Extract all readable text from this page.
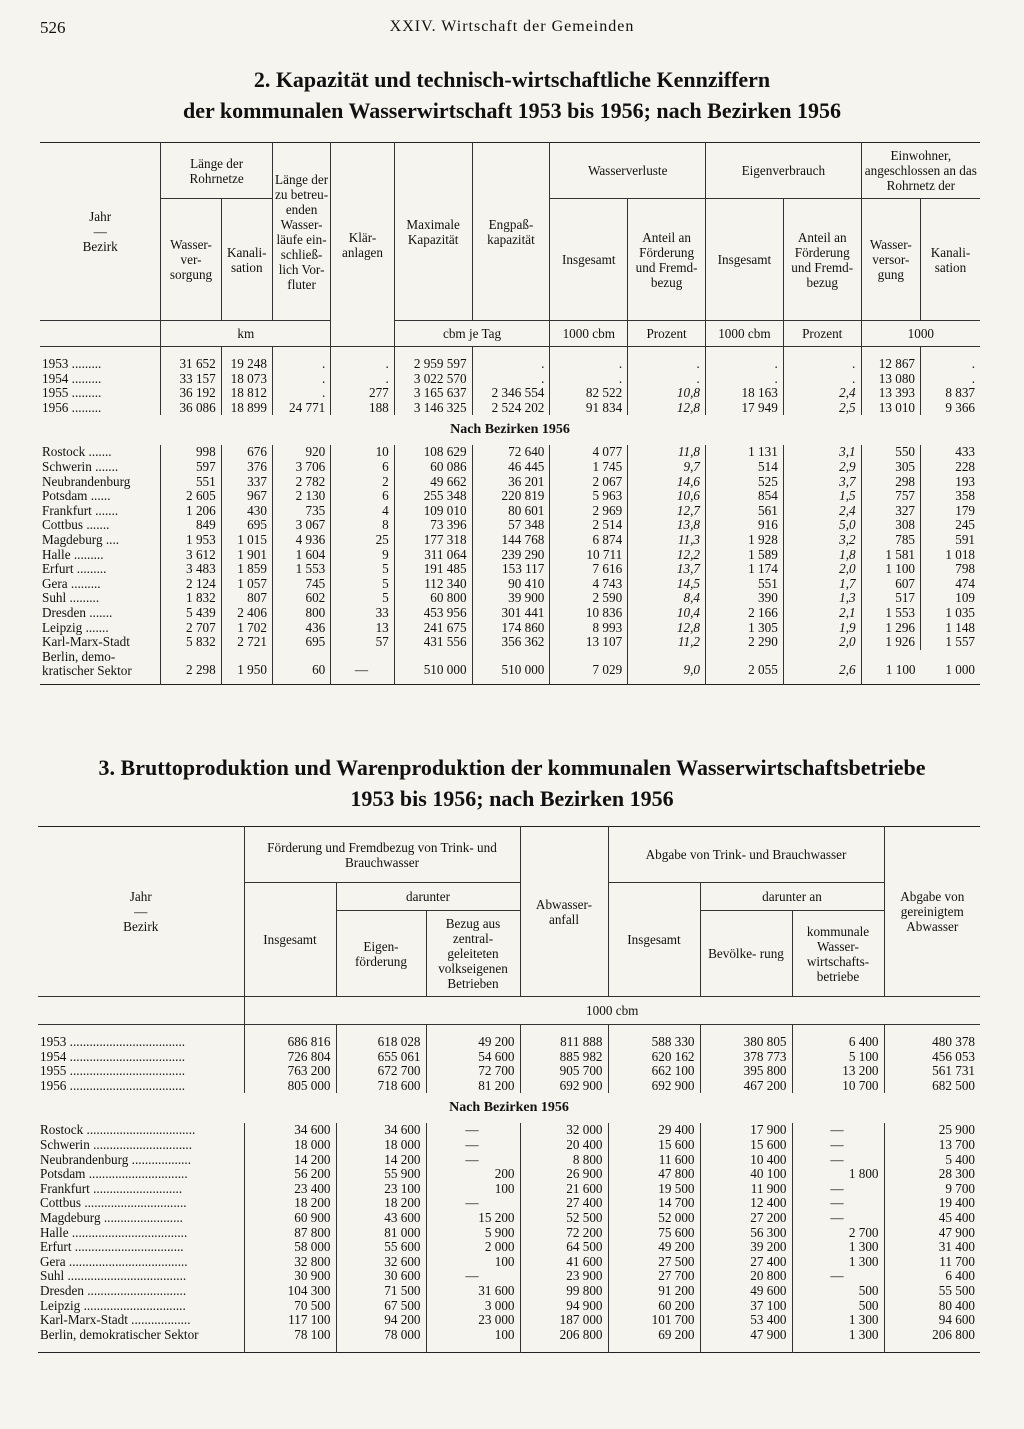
526	XXIV. Wirtschaft der Gemeinden
2. Kapazität und technisch-wirtschaftliche Kennziffern
der kommunalen Wasserwirtschaft 1953 bis 1956; nach Bezirken 1956
Jahr
—
Bezirk	Länge der Rohrnetze		Länge der zu betreu- enden Wasser- läufe ein- schließ- lich Vor- fluter	Klär- anlagen	Maximale Kapazität	Engpaß- kapazität	Wasserverluste		Eigenverbrauch		Einwohner, angeschlossen an das Rohrnetz der	
	Wasser- ver- sorgung	Kanali- sation					Insgesamt	Anteil an Förderung und Fremd- bezug	Insgesamt	Anteil an Förderung und Fremd- bezug	Wasser- versor- gung	Kanali- sation
	km				cbm je Tag		1000 cbm	Prozent	1000 cbm	Prozent	1000	

1953 .........	31 652	19 248	.	.	2 959 597	.	.	.	.	.	12 867	.
1954 .........	33 157	18 073	.	.	3 022 570	.	.	.	.	.	13 080	.
1955 .........	36 192	18 812	.	277	3 165 637	2 346 554	82 522	10,8	18 163	2,4	13 393	8 837
1956 .........	36 086	18 899	24 771	188	3 146 325	2 524 202	91 834	12,8	17 949	2,5	13 010	9 366
Nach Bezirken 1956												
Rostock .......	998	676	920	10	108 629	72 640	4 077	11,8	1 131	3,1	550	433
Schwerin .......	597	376	3 706	6	60 086	46 445	1 745	9,7	514	2,9	305	228
Neubrandenburg	551	337	2 782	2	49 662	36 201	2 067	14,6	525	3,7	298	193
Potsdam ......	2 605	967	2 130	6	255 348	220 819	5 963	10,6	854	1,5	757	358
Frankfurt .......	1 206	430	735	4	109 010	80 601	2 969	12,7	561	2,4	327	179
Cottbus .......	849	695	3 067	8	73 396	57 348	2 514	13,8	916	5,0	308	245
Magdeburg ....	1 953	1 015	4 936	25	177 318	144 768	6 874	11,3	1 928	3,2	785	591
Halle .........	3 612	1 901	1 604	9	311 064	239 290	10 711	12,2	1 589	1,8	1 581	1 018
Erfurt .........	3 483	1 859	1 553	5	191 485	153 117	7 616	13,7	1 174	2,0	1 100	798
Gera .........	2 124	1 057	745	5	112 340	90 410	4 743	14,5	551	1,7	607	474
Suhl .........	1 832	807	602	5	60 800	39 900	2 590	8,4	390	1,3	517	109
Dresden .......	5 439	2 406	800	33	453 956	301 441	10 836	10,4	2 166	2,1	1 553	1 035
Leipzig .......	2 707	1 702	436	13	241 675	174 860	8 993	12,8	1 305	1,9	1 296	1 148
Karl-Marx-Stadt	5 832	2 721	695	57	431 556	356 362	13 107	11,2	2 290	2,0	1 926	1 557

Berlin, demo-
kratischer Sektor	2 298	1 950	60	—	510 000	510 000	7 029	9,0	2 055	2,6	1 100	1 000

3. Bruttoproduktion und Warenproduktion der kommunalen Wasserwirtschaftsbetriebe
1953 bis 1956; nach Bezirken 1956
Jahr
—
Bezirk	Förderung und Fremdbezug von Trink- und Brauchwasser			Abwasser- anfall	Abgabe von Trink- und Brauchwasser			Abgabe von gereinigtem Abwasser
	Insgesamt	darunter			Insgesamt	darunter an		
		Eigen- förderung	Bezug aus zentral- geleiteten volkseigenen Betrieben			Bevölke- rung	kommunale Wasser- wirtschafts- betriebe	
	1000 cbm							

1953 ...................................	686 816	618 028	49 200	811 888	588 330	380 805	6 400	480 378
1954 ...................................	726 804	655 061	54 600	885 982	620 162	378 773	5 100	456 053
1955 ...................................	763 200	672 700	72 700	905 700	662 100	395 800	13 200	561 731
1956 ...................................	805 000	718 600	81 200	692 900	692 900	467 200	10 700	682 500
Nach Bezirken 1956								
Rostock .................................	34 600	34 600	—	32 000	29 400	17 900	—	25 900
Schwerin ..............................	18 000	18 000	—	20 400	15 600	15 600	—	13 700
Neubrandenburg ..................	14 200	14 200	—	8 800	11 600	10 400	—	5 400
Potsdam ..............................	56 200	55 900	200	26 900	47 800	40 100	1 800	28 300
Frankfurt ...........................	23 400	23 100	100	21 600	19 500	11 900	—	9 700
Cottbus ...............................	18 200	18 200	—	27 400	14 700	12 400	—	19 400
Magdeburg ........................	60 900	43 600	15 200	52 500	52 000	27 200	—	45 400
Halle ...................................	87 800	81 000	5 900	72 200	75 600	56 300	2 700	47 900
Erfurt .................................	58 000	55 600	2 000	64 500	49 200	39 200	1 300	31 400
Gera ....................................	32 800	32 600	100	41 600	27 500	27 400	1 300	11 700
Suhl ....................................	30 900	30 600	—	23 900	27 700	20 800	—	6 400
Dresden ..............................	104 300	71 500	31 600	99 800	91 200	49 600	500	55 500
Leipzig ...............................	70 500	67 500	3 000	94 900	60 200	37 100	500	80 400
Karl-Marx-Stadt ..................	117 100	94 200	23 000	187 000	101 700	53 400	1 300	94 600
Berlin, demokratischer Sektor	78 100	78 000	100	206 800	69 200	47 900	1 300	206 800
